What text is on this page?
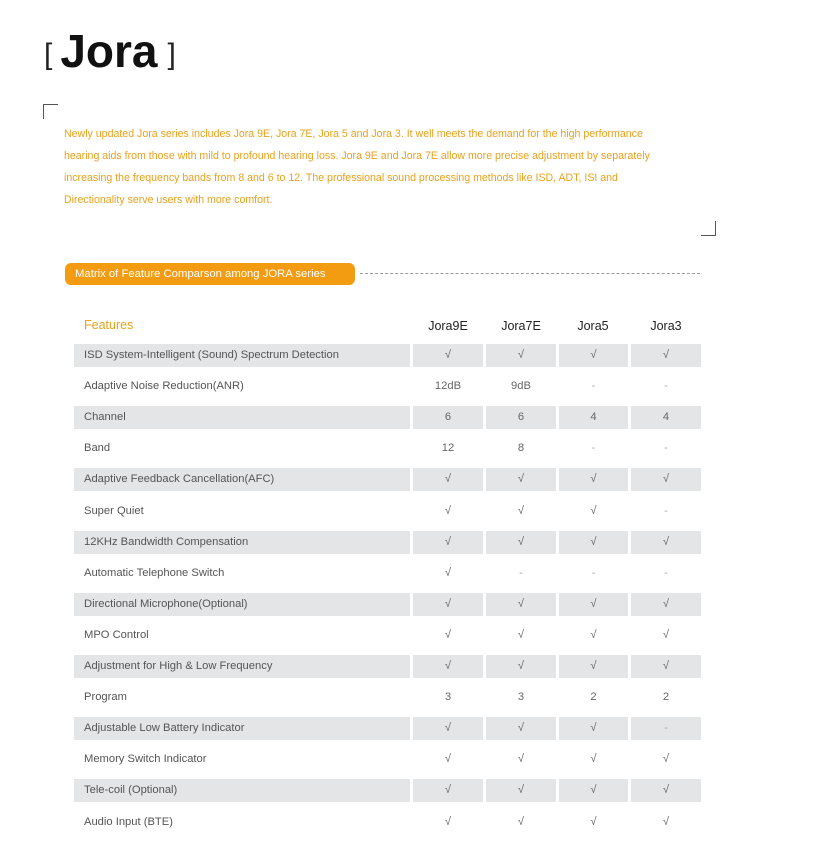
[ Jora ]
Newly updated Jora series includes Jora 9E, Jora 7E, Jora 5 and Jora 3. It well meets the demand for the high performance
hearing aids from those with mild to profound hearing loss. Jora 9E and Jora 7E allow more precise adjustment by separately
increasing the frequency bands from 8 and 6 to 12. The professional sound processing methods like ISD, ADT, ISI and
Directionality serve users with more comfort.
Matrix of Feature Comparson among JORA series
Features	Jora9E	Jora7E	Jora5	Jora3
ISD System-Intelligent (Sound) Spectrum Detection	√	√	√	√
Adaptive Noise Reduction(ANR)	12dB	9dB	-	-
Channel	6	6	4	4
Band	12	8	-	-
Adaptive Feedback Cancellation(AFC)	√	√	√	√
Super Quiet	√	√	√	-
12KHz Bandwidth Compensation	√	√	√	√
Automatic Telephone Switch	√	-	-	-
Directional Microphone(Optional)	√	√	√	√
MPO Control	√	√	√	√
Adjustment for High & Low Frequency	√	√	√	√
Program	3	3	2	2
Adjustable Low Battery Indicator	√	√	√	-
Memory Switch Indicator	√	√	√	√
Tele-coil (Optional)	√	√	√	√
Audio Input (BTE)	√	√	√	√
